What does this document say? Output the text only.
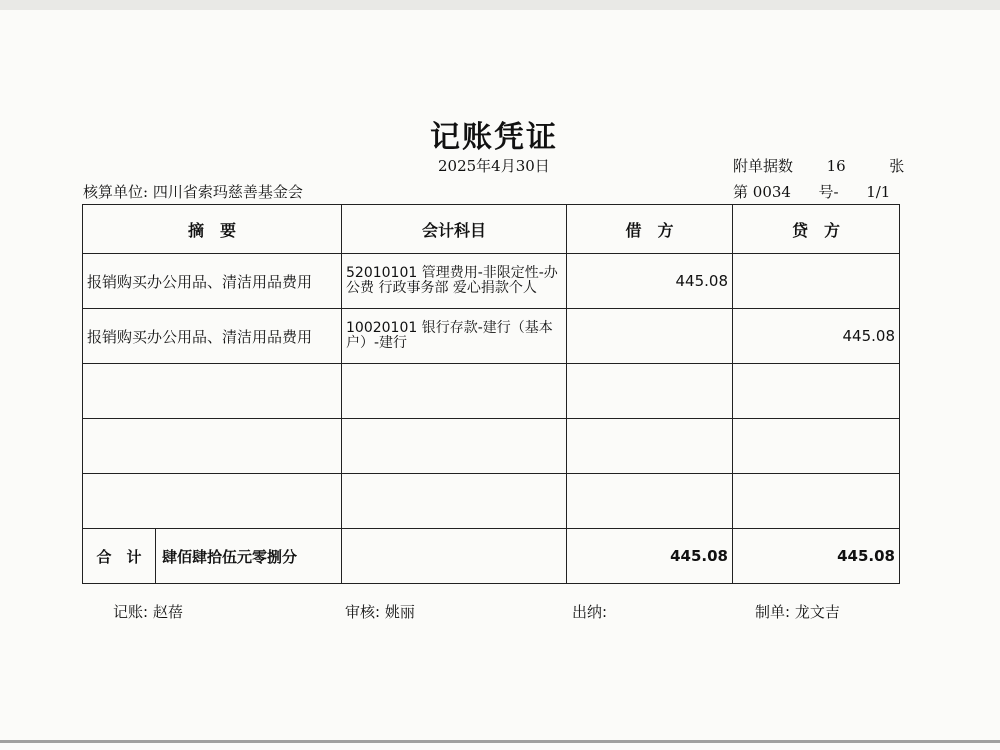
记账凭证
2025年4月30日	附单据数 16	张
核算单位: 四川省索玛慈善基金会	第 0034 号- 1/1
摘　要	会计科目	借　方	贷　方
报销购买办公用品、清洁用品费用	52010101 管理费用-非限定性-办公费 行政事务部 爱心捐款个人	445.08	
报销购买办公用品、清洁用品费用	10020101 银行存款-建行（基本户）-建行		445.08

合　计 肆佰肆拾伍元零捌分		445.08	445.08
记账: 赵蓓	审核: 姚丽	出纳:	制单: 龙文吉
